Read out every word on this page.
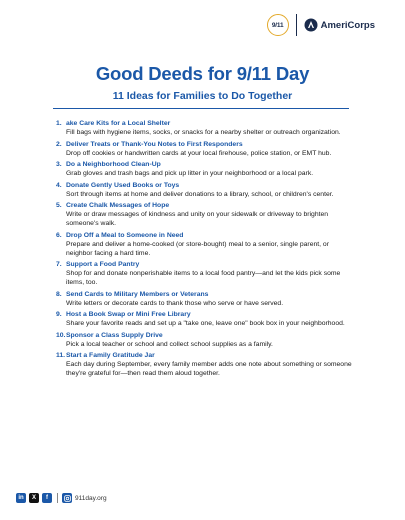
9/11	AmeriCorps
Good Deeds for 9/11 Day
11 Ideas for Families to Do Together
1. ake Care Kits for a Local Shelter
Fill bags with hygiene items, socks, or snacks for a nearby shelter or outreach organization.
2. Deliver Treats or Thank-You Notes to First Responders
Drop off cookies or handwritten cards at your local firehouse, police station, or EMT hub.
3. Do a Neighborhood Clean-Up
Grab gloves and trash bags and pick up litter in your neighborhood or a local park.
4. Donate Gently Used Books or Toys
Sort through items at home and deliver donations to a library, school, or children's center.
5. Create Chalk Messages of Hope
Write or draw messages of kindness and unity on your sidewalk or driveway to brighten someone's walk.
6. Drop Off a Meal to Someone in Need
Prepare and deliver a home-cooked (or store-bought) meal to a senior, single parent, or neighbor facing a hard time.
7. Support a Food Pantry
Shop for and donate nonperishable items to a local food pantry—and let the kids pick some items, too.
8. Send Cards to Military Members or Veterans
Write letters or decorate cards to thank those who serve or have served.
9. Host a Book Swap or Mini Free Library
Share your favorite reads and set up a "take one, leave one" book box in your neighborhood.
10. Sponsor a Class Supply Drive
Pick a local teacher or school and collect school supplies as a family.
11. Start a Family Gratitude Jar
Each day during September, every family member adds one note about something or someone they're grateful for—then read them aloud together.
in	X	f	911day.org
